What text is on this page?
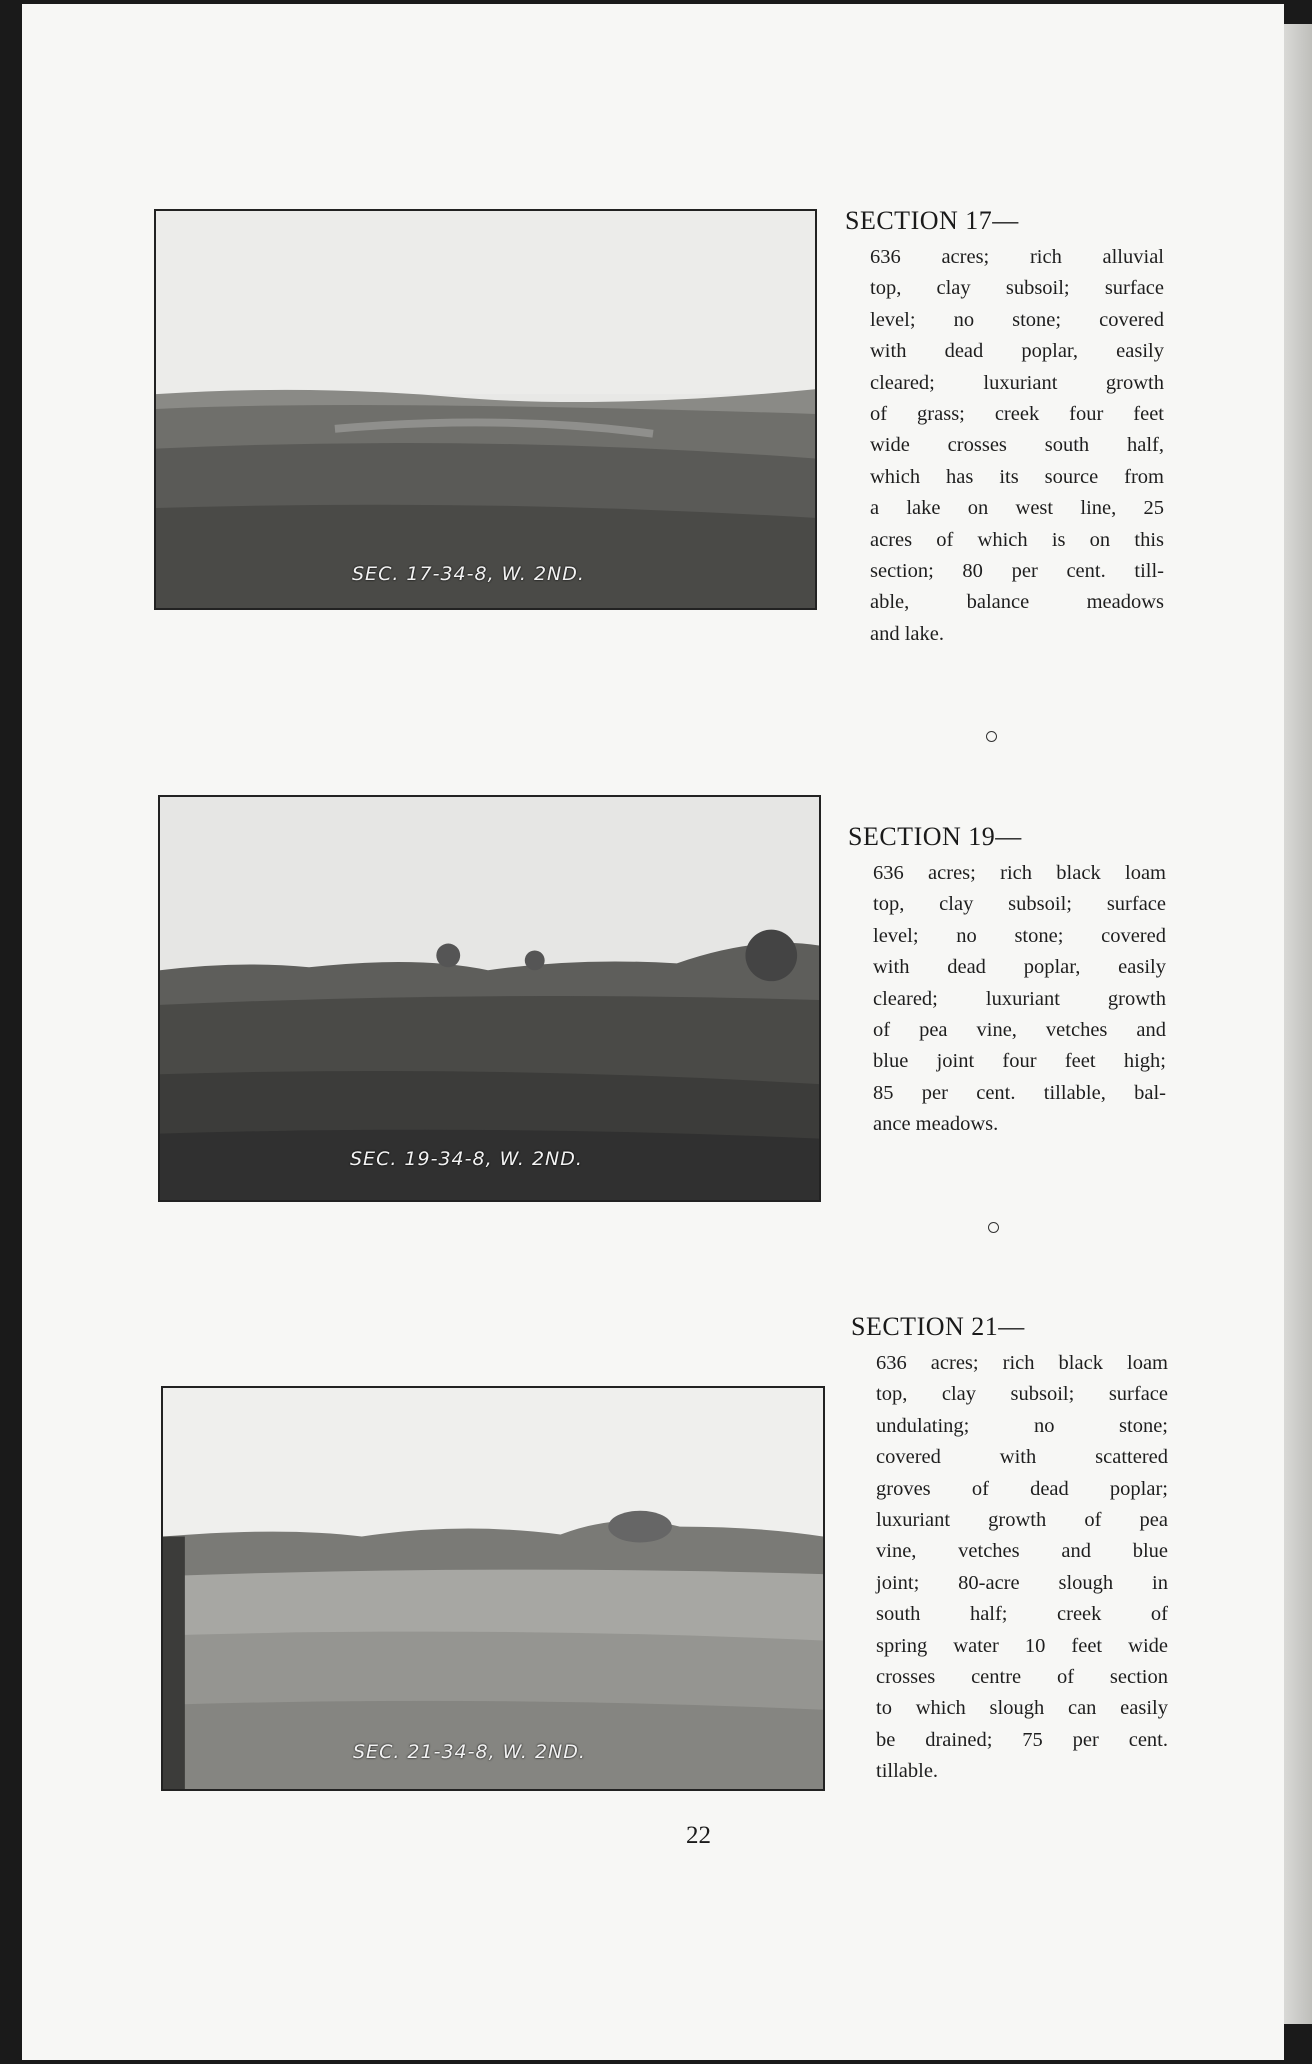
SEC. 17-34-8, W. 2ND.
SECTION 17—
636 acres; rich alluvial
top, clay subsoil; surface
level; no stone; covered
with dead poplar, easily
cleared; luxuriant growth
of grass; creek four feet
wide crosses south half,
which has its source from
a lake on west line, 25
acres of which is on this
section; 80 per cent. till-
able, balance meadows
and lake.
SEC. 19-34-8, W. 2ND.
SECTION 19—
636 acres; rich black loam
top, clay subsoil; surface
level; no stone; covered
with dead poplar, easily
cleared; luxuriant growth
of pea vine, vetches and
blue joint four feet high;
85 per cent. tillable, bal-
ance meadows.
SEC. 21-34-8, W. 2ND.
SECTION 21—
636 acres; rich black loam
top, clay subsoil; surface
undulating; no stone;
covered with scattered
groves of dead poplar;
luxuriant growth of pea
vine, vetches and blue
joint; 80-acre slough in
south half; creek of
spring water 10 feet wide
crosses centre of section
to which slough can easily
be drained; 75 per cent.
tillable.
22
